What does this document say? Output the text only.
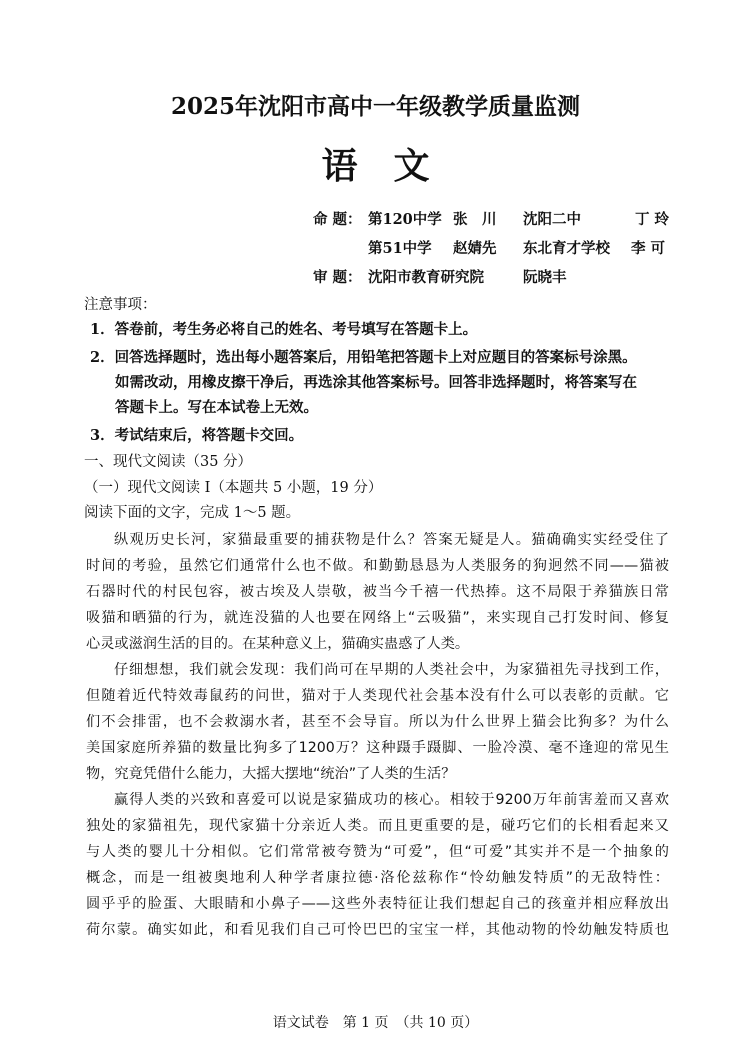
2025年沈阳市高中一年级教学质量监测
语文
命 题： 第120中学 张　川 沈阳二中	丁 玲
第51中学 赵婧先 东北育才学校 李 可
审 题： 沈阳市教育研究院	阮晓丰
注意事项：
1．答卷前，考生务必将自己的姓名、考号填写在答题卡上。
2．回答选择题时，选出每小题答案后，用铅笔把答题卡上对应题目的答案标号涂黑。
如需改动，用橡皮擦干净后，再选涂其他答案标号。回答非选择题时，将答案写在
答题卡上。写在本试卷上无效。
3．考试结束后，将答题卡交回。
一、现代文阅读（35 分）
（一）现代文阅读 I（本题共 5 小题，19 分）
阅读下面的文字，完成 1～5 题。
纵观历史长河，家猫最重要的捕获物是什么？答案无疑是人。猫确确实实经受住了
时间的考验，虽然它们通常什么也不做。和勤勤恳恳为人类服务的狗迥然不同——猫被
石器时代的村民包容，被古埃及人崇敬，被当今千禧一代热捧。这不局限于养猫族日常
吸猫和晒猫的行为，就连没猫的人也要在网络上“云吸猫”，来实现自己打发时间、修复
心灵或滋润生活的目的。在某种意义上，猫确实蛊惑了人类。
仔细想想，我们就会发现：我们尚可在早期的人类社会中，为家猫祖先寻找到工作，
但随着近代特效毒鼠药的问世，猫对于人类现代社会基本没有什么可以表彰的贡献。它
们不会排雷，也不会救溺水者，甚至不会导盲。所以为什么世界上猫会比狗多？为什么
美国家庭所养猫的数量比狗多了1200万？这种蹑手蹑脚、一脸冷漠、毫不逢迎的常见生
物，究竟凭借什么能力，大摇大摆地“统治”了人类的生活？
赢得人类的兴致和喜爱可以说是家猫成功的核心。相较于9200万年前害羞而又喜欢
独处的家猫祖先，现代家猫十分亲近人类。而且更重要的是，碰巧它们的长相看起来又
与人类的婴儿十分相似。它们常常被夸赞为“可爱”，但“可爱”其实并不是一个抽象的
概念，而是一组被奥地利人种学者康拉德·洛伦兹称作“怜幼触发特质”的无敌特性：
圆乎乎的脸蛋、大眼睛和小鼻子——这些外表特征让我们想起自己的孩童并相应释放出
荷尔蒙。确实如此，和看见我们自己可怜巴巴的宝宝一样，其他动物的怜幼触发特质也
语文试卷　第 1 页　（共 10 页）
